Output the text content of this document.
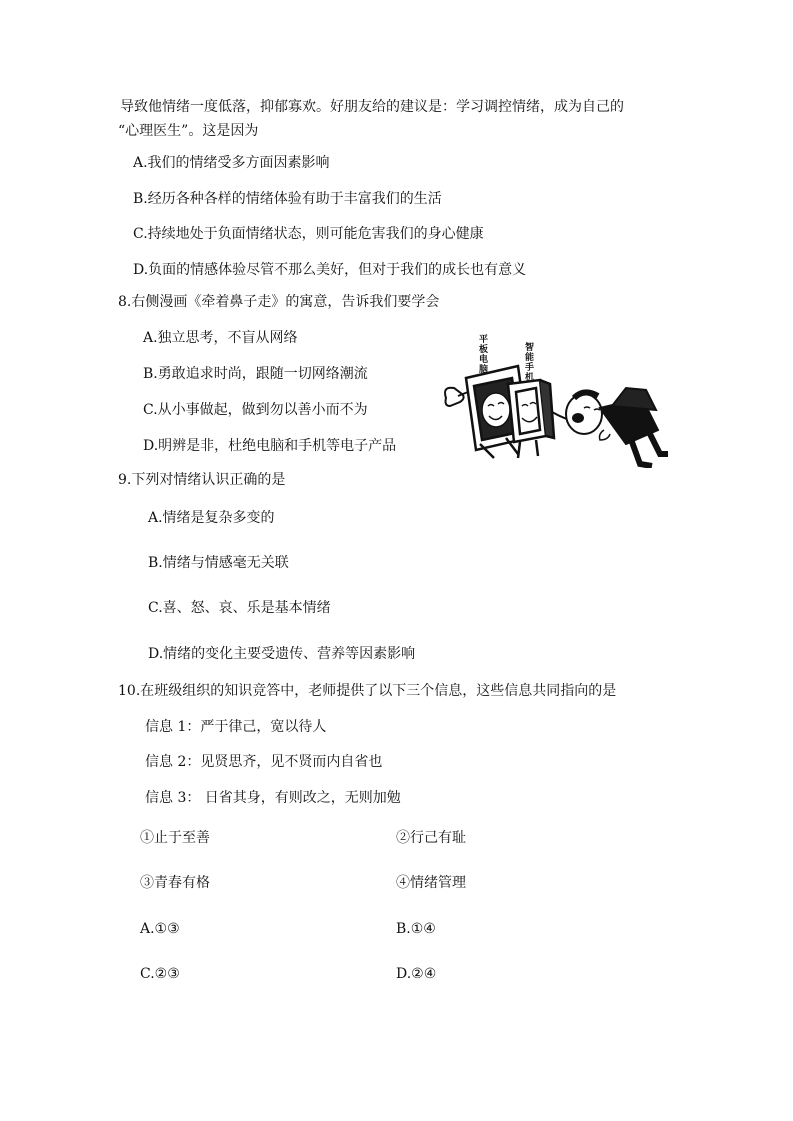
导致他情绪一度低落，抑郁寡欢。好朋友给的建议是：学习调控情绪，成为自己的
“心理医生”。这是因为
A.我们的情绪受多方面因素影响
B.经历各种各样的情绪体验有助于丰富我们的生活
C.持续地处于负面情绪状态，则可能危害我们的身心健康
D.负面的情感体验尽管不那么美好，但对于我们的成长也有意义
8.右侧漫画《牵着鼻子走》的寓意，告诉我们要学会
A.独立思考，不盲从网络
B.勇敢追求时尚，跟随一切网络潮流
C.从小事做起，做到勿以善小而不为
D.明辨是非，杜绝电脑和手机等电子产品
平板电脑	智能手机
9.下列对情绪认识正确的是
A.情绪是复杂多变的
B.情绪与情感毫无关联
C.喜、怒、哀、乐是基本情绪
D.情绪的变化主要受遗传、营养等因素影响
10.在班级组织的知识竞答中，老师提供了以下三个信息，这些信息共同指向的是
信息 1：严于律己，宽以待人
信息 2：见贤思齐，见不贤而内自省也
信息 3： 日省其身，有则改之，无则加勉
①止于至善	②行己有耻
③青春有格	④情绪管理
A.①③	B.①④
C.②③	D.②④
